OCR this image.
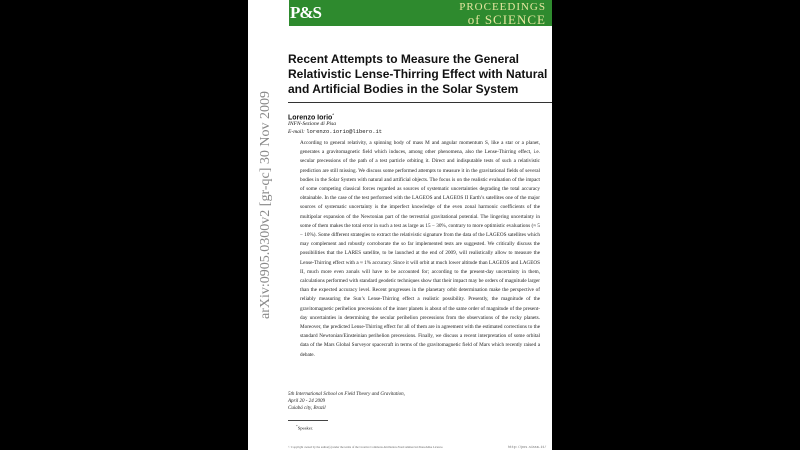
P&S	PROCEEDINGS
of SCIENCE
arXiv:0905.0300v2 [gr-qc] 30 Nov 2009
Recent Attempts to Measure the General Relativistic Lense-Thirring Effect with Natural and Artificial Bodies in the Solar System
Lorenzo Iorio*
INFN-Sezione di Pisa
E-mail: lorenzo.iorio@libero.it

According to general relativity, a spinning body of mass M and angular momentum S, like a star or a planet, generates a gravitomagnetic field which induces, among other phenomena, also the Lense-Thirring effect, i.e. secular precessions of the path of a test particle orbiting it. Direct and indisputable tests of such a relativistic prediction are still missing. We discuss some performed attempts to measure it in the gravitational fields of several bodies in the Solar System with natural and artificial objects. The focus is on the realistic evaluation of the impact of some competing classical forces regarded as sources of systematic uncertainties degrading the total accuracy obtainable. In the case of the test performed with the LAGEOS and LAGEOS II Earth’s satellites one of the major sources of systematic uncertainty is the imperfect knowledge of the even zonal harmonic coefficients of the multipolar expansion of the Newtonian part of the terrestrial gravitational potential. The lingering uncertainty in some of them makes the total error in such a test as large as 15 − 30%, contrary to more optimistic evaluations (≈ 5 − 10%). Some different strategies to extract the relativistic signature from the data of the LAGEOS satellites which may complement and robustly corroborate the so far implemented tests are suggested. We critically discuss the possibilities that the LARES satellite, to be launched at the end of 2009, will realistically allow to measure the Lense-Thirring effect with a ≈ 1% accuracy. Since it will orbit at much lower altitude than LAGEOS and LAGEOS II, much more even zonals will have to be accounted for; according to the present-day uncertainty in them, calculations performed with standard geodetic techniques show that their impact may be orders of magnitude larger than the expected accuracy level. Recent progresses in the planetary orbit determination make the perspective of reliably measuring the Sun’s Lense-Thirring effect a realistic possibility. Presently, the magnitude of the gravitomagnetic perihelion precessions of the inner planets is about of the same order of magnitude of the present-day uncertainties in determining the secular perihelion precessions from the observations of the rocky planets. Moreover, the predicted Lense-Thirring effect for all of them are in agreement with the estimated corrections to the standard Newtonian/Einsteinian perihelion precessions. Finally, we discuss a recent interpretation of some orbital data of the Mars Global Surveyor spacecraft in terms of the gravitomagnetic field of Mars which recently raised a debate.

5th International School on Field Theory and Gravitation,
April 20 - 24 2009
Cuiabá city, Brazil
*Speaker.
© Copyright owned by the author(s) under the terms of the Creative Commons Attribution-NonCommercial-ShareAlike Licence.	http://pos.sissa.it/
